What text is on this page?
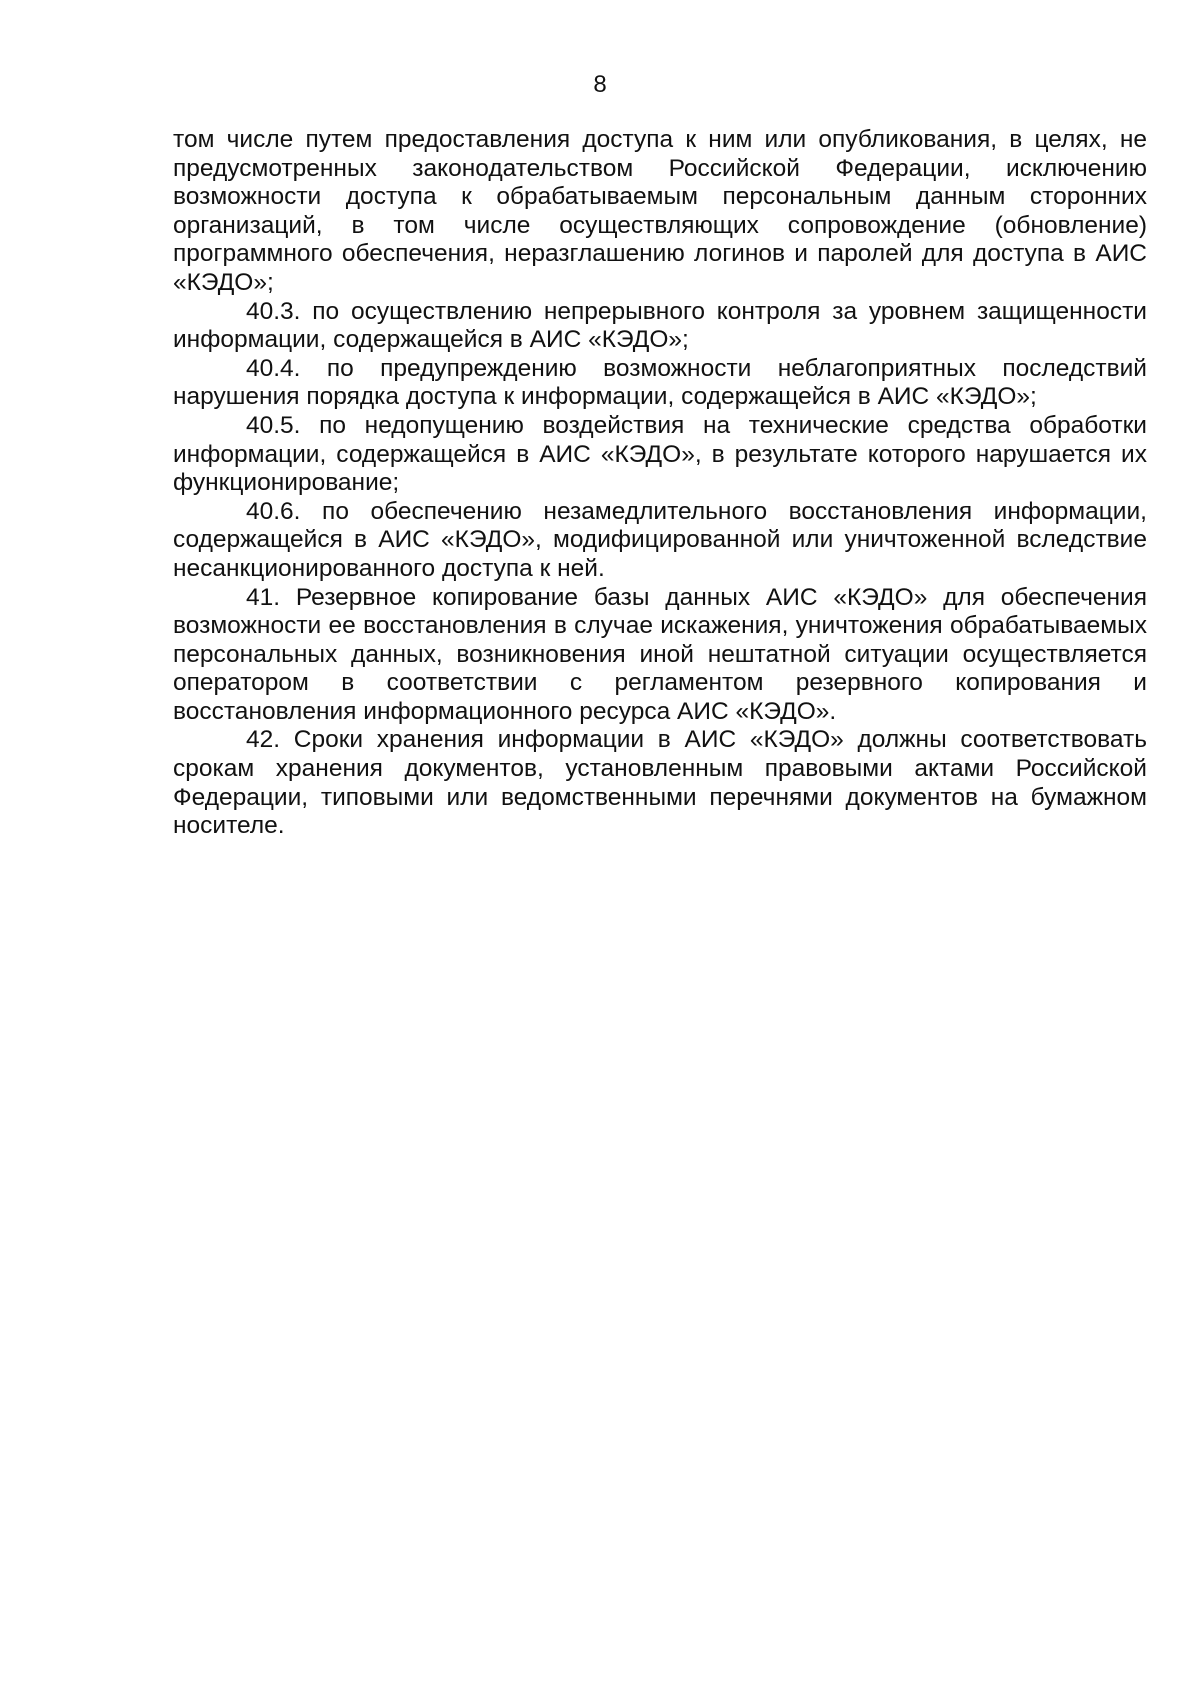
8

том числе путем предоставления доступа к ним или опубликования, в целях, не предусмотренных законодательством Российской Федерации, исключению возможности доступа к обрабатываемым персональным данным сторонних организаций, в том числе осуществляющих сопровождение (обновление) программного обеспечения, неразглашению логинов и паролей для доступа в АИС «КЭДО»;

40.3. по осуществлению непрерывного контроля за уровнем защищенности информации, содержащейся в АИС «КЭДО»;

40.4. по предупреждению возможности неблагоприятных последствий нарушения порядка доступа к информации, содержащейся в АИС «КЭДО»;

40.5. по недопущению воздействия на технические средства обработки информации, содержащейся в АИС «КЭДО», в результате которого нарушается их функционирование;

40.6. по обеспечению незамедлительного восстановления информации, содержащейся в АИС «КЭДО», модифицированной или уничтоженной вследствие несанкционированного доступа к ней.

41. Резервное копирование базы данных АИС «КЭДО» для обеспечения возможности ее восстановления в случае искажения, уничтожения обрабатываемых персональных данных, возникновения иной нештатной ситуации осуществляется оператором в соответствии с регламентом резервного копирования и восстановления информационного ресурса АИС «КЭДО».

42. Сроки хранения информации в АИС «КЭДО» должны соответствовать срокам хранения документов, установленным правовыми актами Российской Федерации, типовыми или ведомственными перечнями документов на бумажном носителе.
